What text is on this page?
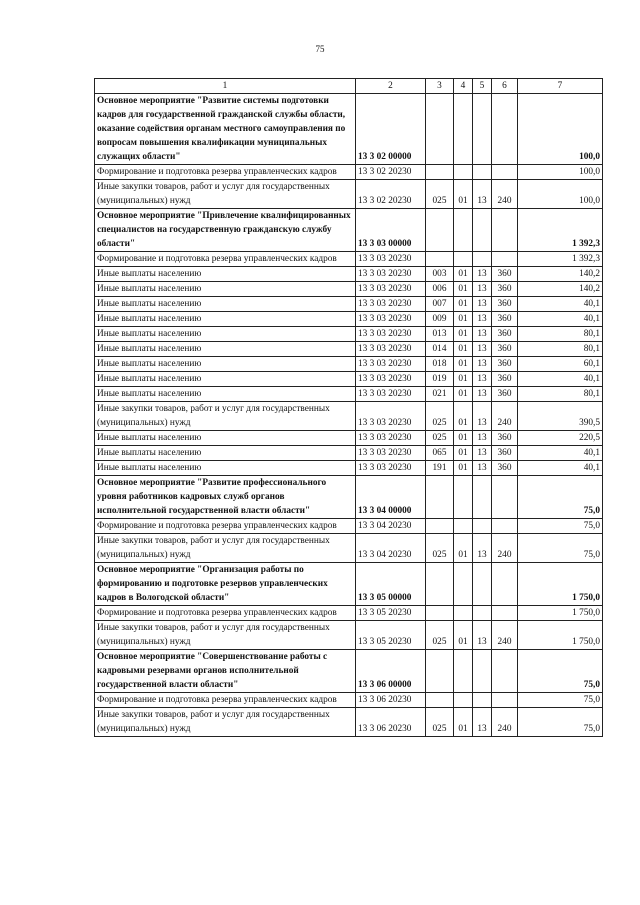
75
1	2	3	4	5	6	7
Основное мероприятие "Развитие системы подготовки кадров для государственной гражданской службы области, оказание содействия органам местного самоуправления по вопросам повышения квалификации муниципальных служащих области"	13 3 02 00000					100,0
Формирование и подготовка резерва управленческих кадров	13 3 02 20230					100,0
Иные закупки товаров, работ и услуг для государственных (муниципальных) нужд	13 3 02 20230	025	01	13	240	100,0
Основное мероприятие "Привлечение квалифицированных специалистов на государственную гражданскую службу области"	13 3 03 00000					1 392,3
Формирование и подготовка резерва управленческих кадров	13 3 03 20230					1 392,3
Иные выплаты населению	13 3 03 20230	003	01	13	360	140,2
Иные выплаты населению	13 3 03 20230	006	01	13	360	140,2
Иные выплаты населению	13 3 03 20230	007	01	13	360	40,1
Иные выплаты населению	13 3 03 20230	009	01	13	360	40,1
Иные выплаты населению	13 3 03 20230	013	01	13	360	80,1
Иные выплаты населению	13 3 03 20230	014	01	13	360	80,1
Иные выплаты населению	13 3 03 20230	018	01	13	360	60,1
Иные выплаты населению	13 3 03 20230	019	01	13	360	40,1
Иные выплаты населению	13 3 03 20230	021	01	13	360	80,1
Иные закупки товаров, работ и услуг для государственных (муниципальных) нужд	13 3 03 20230	025	01	13	240	390,5
Иные выплаты населению	13 3 03 20230	025	01	13	360	220,5
Иные выплаты населению	13 3 03 20230	065	01	13	360	40,1
Иные выплаты населению	13 3 03 20230	191	01	13	360	40,1
Основное мероприятие "Развитие профессионального уровня работников кадровых служб органов исполнительной государственной власти области"	13 3 04 00000					75,0
Формирование и подготовка резерва управленческих кадров	13 3 04 20230					75,0
Иные закупки товаров, работ и услуг для государственных (муниципальных) нужд	13 3 04 20230	025	01	13	240	75,0
Основное мероприятие "Организация работы по формированию и подготовке резервов управленческих кадров в Вологодской области"	13 3 05 00000					1 750,0
Формирование и подготовка резерва управленческих кадров	13 3 05 20230					1 750,0
Иные закупки товаров, работ и услуг для государственных (муниципальных) нужд	13 3 05 20230	025	01	13	240	1 750,0
Основное мероприятие "Совершенствование работы с кадровыми резервами органов исполнительной государственной власти области"	13 3 06 00000					75,0
Формирование и подготовка резерва управленческих кадров	13 3 06 20230					75,0
Иные закупки товаров, работ и услуг для государственных (муниципальных) нужд	13 3 06 20230	025	01	13	240	75,0
